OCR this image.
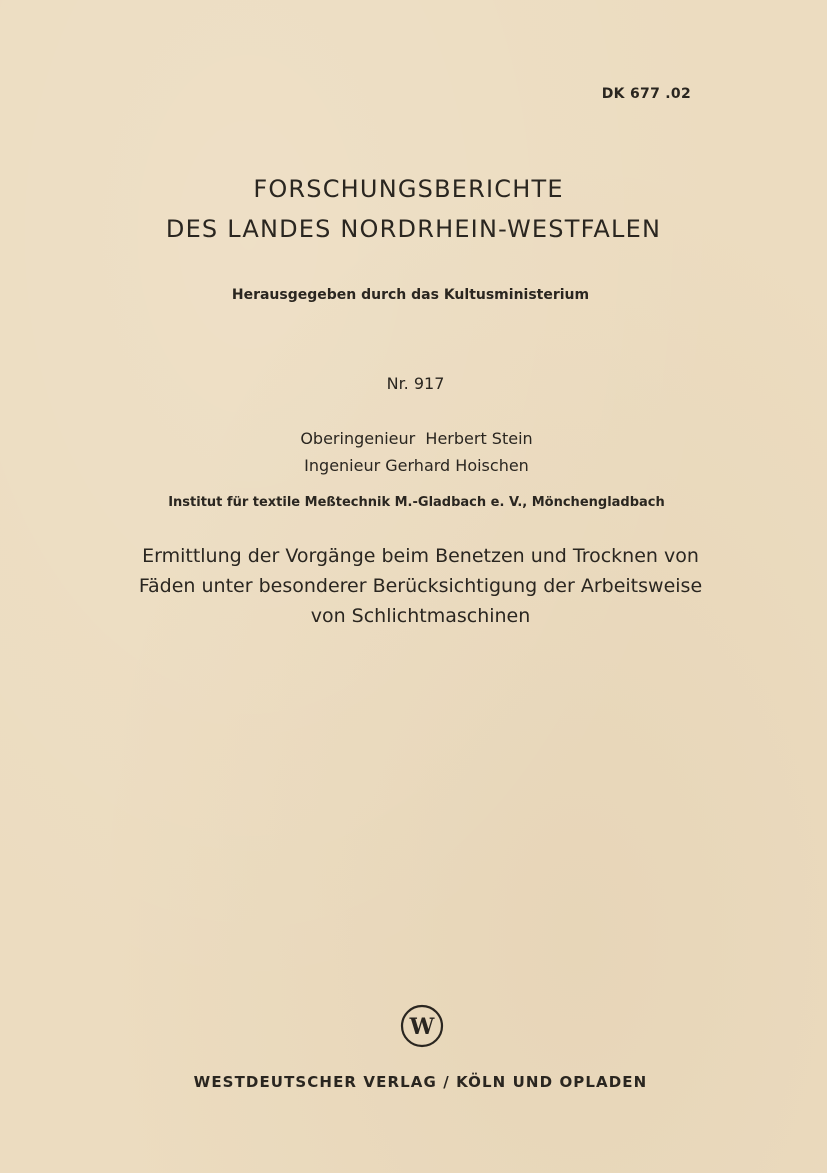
DK 677 .02

FORSCHUNGSBERICHTE

DES LANDES NORDRHEIN-WESTFALEN

Herausgegeben durch das Kultusministerium

Nr. 917

Oberingenieur  Herbert Stein

Ingenieur Gerhard Hoischen

Institut für textile Meßtechnik M.-Gladbach e. V., Mönchengladbach

Ermittlung der Vorgänge beim Benetzen und Trocknen von
Fäden unter besonderer Berücksichtigung der Arbeitsweise
von Schlichtmaschinen
W

WESTDEUTSCHER VERLAG / KÖLN UND OPLADEN
